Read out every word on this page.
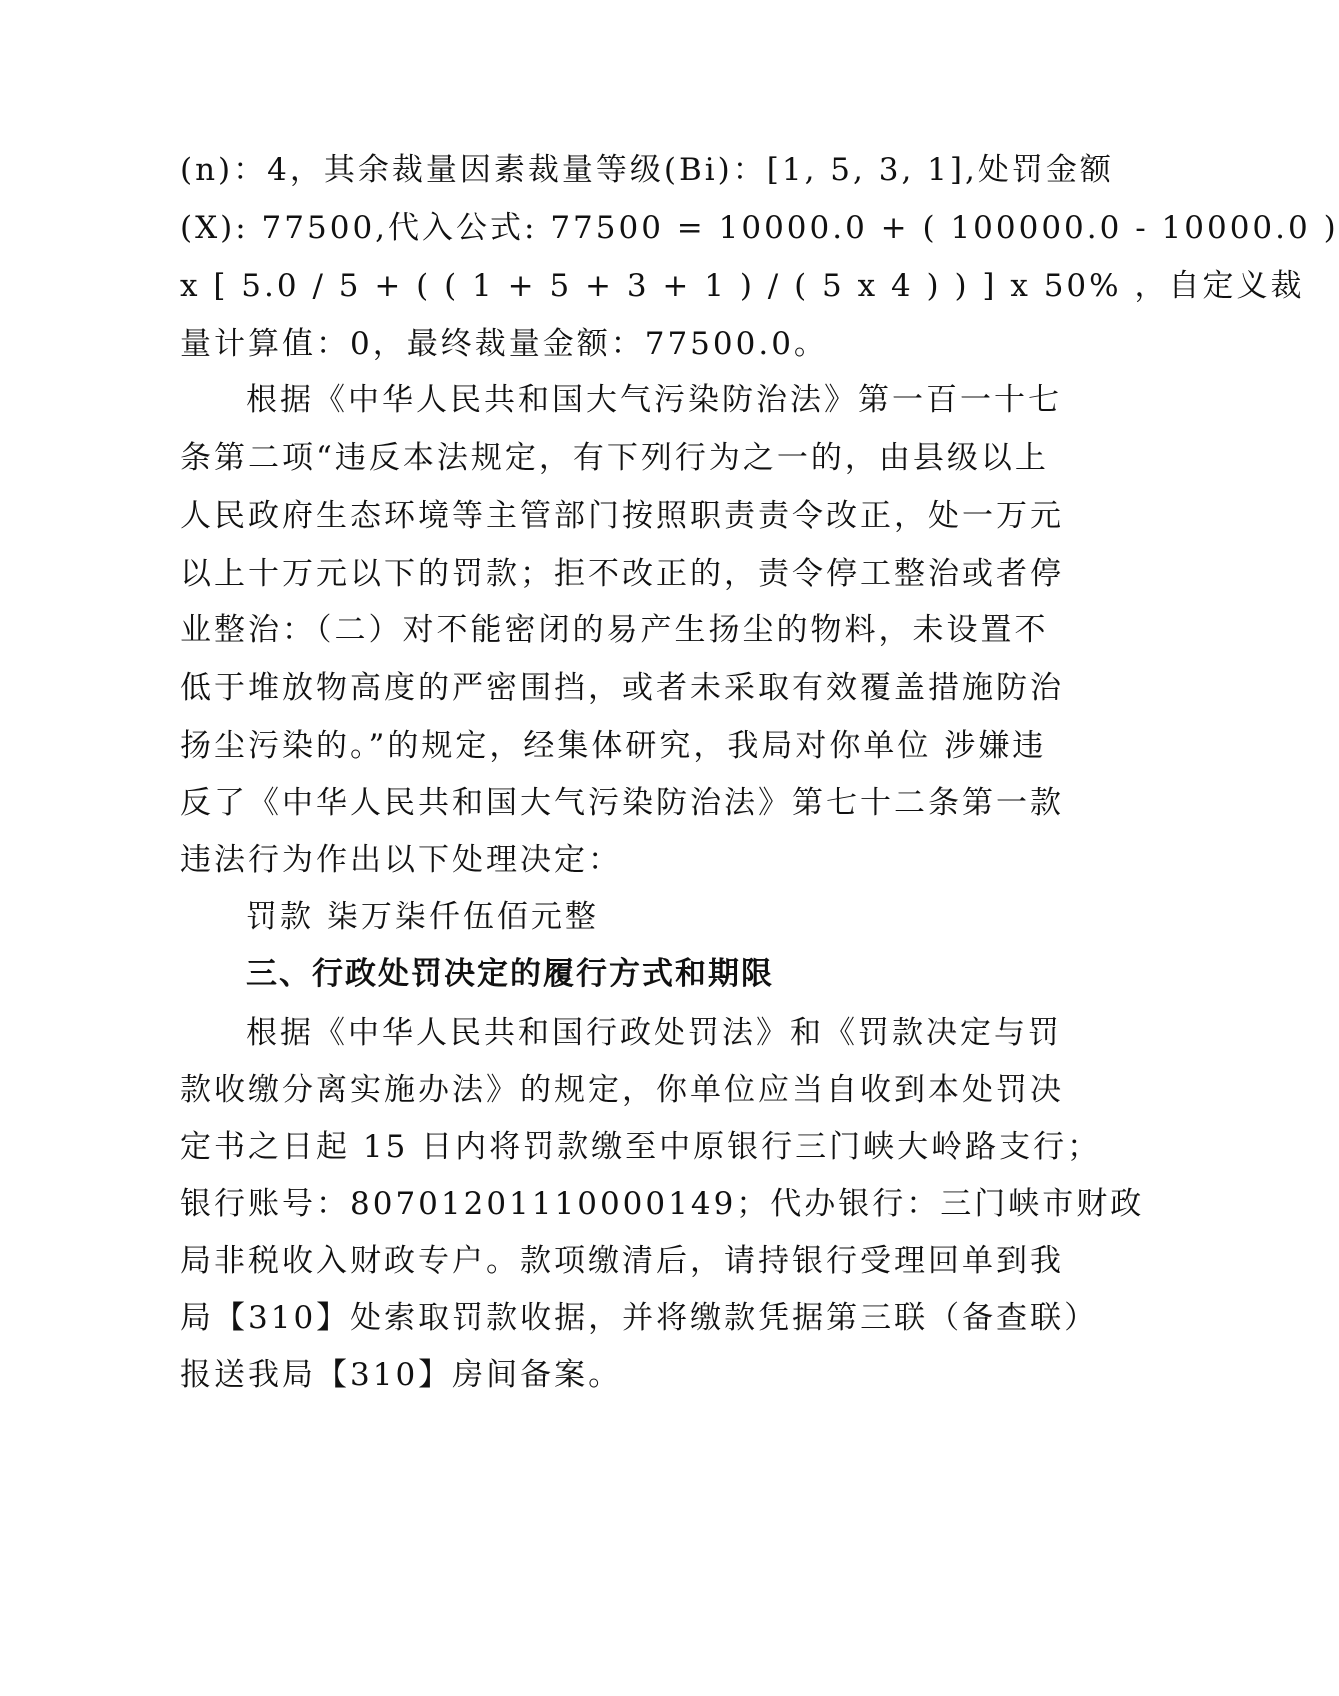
(n)：4，其余裁量因素裁量等级(Bi)：[1, 5, 3, 1],处罚金额
(X): 77500,代入公式: 77500 = 10000.0 + ( 100000.0 - 10000.0 )
x [ 5.0 / 5 + ( ( 1 + 5 + 3 + 1 ) / ( 5 x 4 ) ) ] x 50% ，自定义裁
量计算值：0，最终裁量金额：77500.0。
根据《中华人民共和国大气污染防治法》第一百一十七
条第二项“违反本法规定，有下列行为之一的，由县级以上
人民政府生态环境等主管部门按照职责责令改正，处一万元
以上十万元以下的罚款；拒不改正的，责令停工整治或者停
业整治：（二）对不能密闭的易产生扬尘的物料，未设置不
低于堆放物高度的严密围挡，或者未采取有效覆盖措施防治
扬尘污染的。”的规定，经集体研究，我局对你单位 涉嫌违
反了《中华人民共和国大气污染防治法》第七十二条第一款
违法行为作出以下处理决定：
罚款 柒万柒仟伍佰元整
三、行政处罚决定的履行方式和期限
根据《中华人民共和国行政处罚法》和《罚款决定与罚
款收缴分离实施办法》的规定，你单位应当自收到本处罚决
定书之日起 15 日内将罚款缴至中原银行三门峡大岭路支行；
银行账号：80701201110000149；代办银行：三门峡市财政
局非税收入财政专户。款项缴清后，请持银行受理回单到我
局【310】处索取罚款收据，并将缴款凭据第三联（备查联）
报送我局【310】房间备案。
